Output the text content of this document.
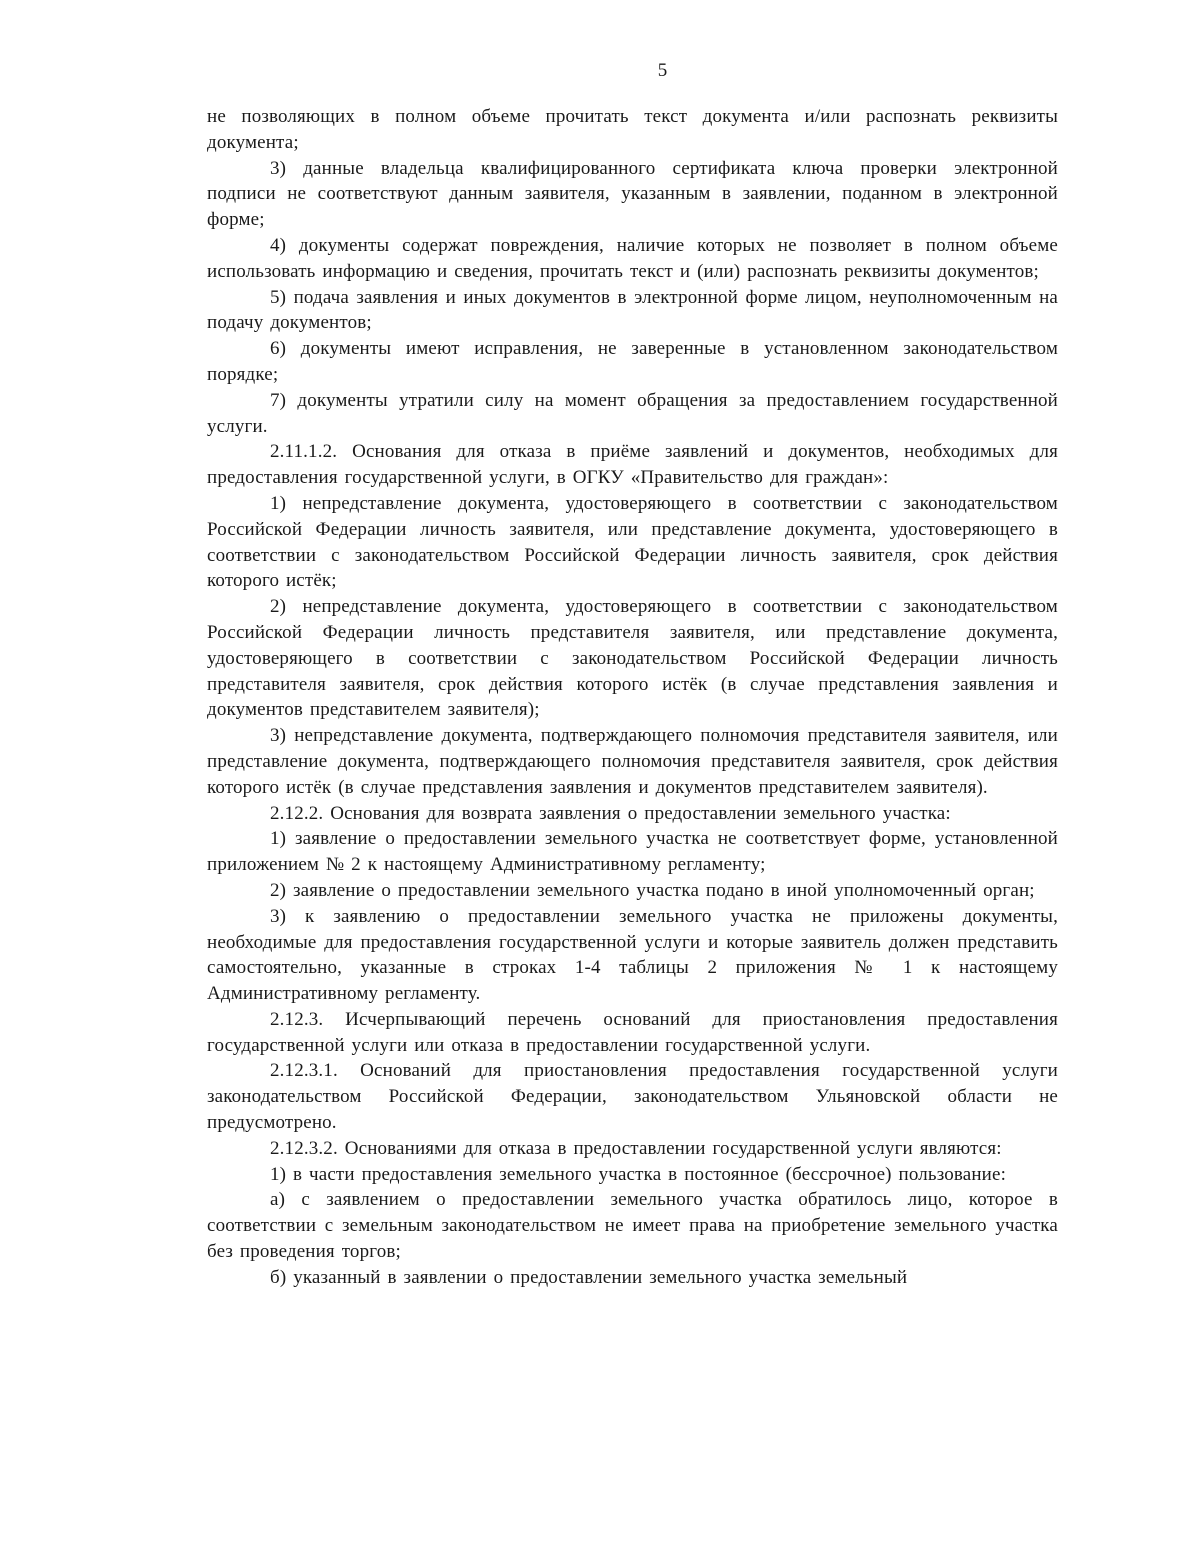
5

не позволяющих в полном объеме прочитать текст документа и/или распознать реквизиты документа;

3) данные владельца квалифицированного сертификата ключа проверки электронной подписи не соответствуют данным заявителя, указанным в заявлении, поданном в электронной форме;

4) документы содержат повреждения, наличие которых не позволяет в полном объеме использовать информацию и сведения, прочитать текст и (или) распознать реквизиты документов;

5) подача заявления и иных документов в электронной форме лицом, неуполномоченным на подачу документов;

6) документы имеют исправления, не заверенные в установленном законодательством порядке;

7) документы утратили силу на момент обращения за предоставлением государственной услуги.

2.11.1.2. Основания для отказа в приёме заявлений и документов, необходимых для предоставления государственной услуги, в ОГКУ «Правительство для граждан»:

1) непредставление документа, удостоверяющего в соответствии с законодательством Российской Федерации личность заявителя, или представление документа, удостоверяющего в соответствии с законодательством Российской Федерации личность заявителя, срок действия которого истёк;

2) непредставление документа, удостоверяющего в соответствии с законодательством Российской Федерации личность представителя заявителя, или представление документа, удостоверяющего в соответствии с законодательством Российской Федерации личность представителя заявителя, срок действия которого истёк (в случае представления заявления и документов представителем заявителя);

3) непредставление документа, подтверждающего полномочия представителя заявителя, или представление документа, подтверждающего полномочия представителя заявителя, срок действия которого истёк (в случае представления заявления и документов представителем заявителя).

2.12.2. Основания для возврата заявления о предоставлении земельного участка:

1) заявление о предоставлении земельного участка не соответствует форме, установленной приложением № 2 к настоящему Административному регламенту;

2) заявление о предоставлении земельного участка подано в иной уполномоченный орган;

3) к заявлению о предоставлении земельного участка не приложены документы, необходимые для предоставления государственной услуги и которые заявитель должен представить самостоятельно, указанные в строках 1-4 таблицы 2 приложения № 1 к настоящему Административному регламенту.

2.12.3. Исчерпывающий перечень оснований для приостановления предоставления государственной услуги или отказа в предоставлении государственной услуги.

2.12.3.1. Оснований для приостановления предоставления государственной услуги законодательством Российской Федерации, законодательством Ульяновской области не предусмотрено.

2.12.3.2. Основаниями для отказа в предоставлении государственной услуги являются:

1) в части предоставления земельного участка в постоянное (бессрочное) пользование:

а) с заявлением о предоставлении земельного участка обратилось лицо, которое в соответствии с земельным законодательством не имеет права на приобретение земельного участка без проведения торгов;

б) указанный в заявлении о предоставлении земельного участка земельный
